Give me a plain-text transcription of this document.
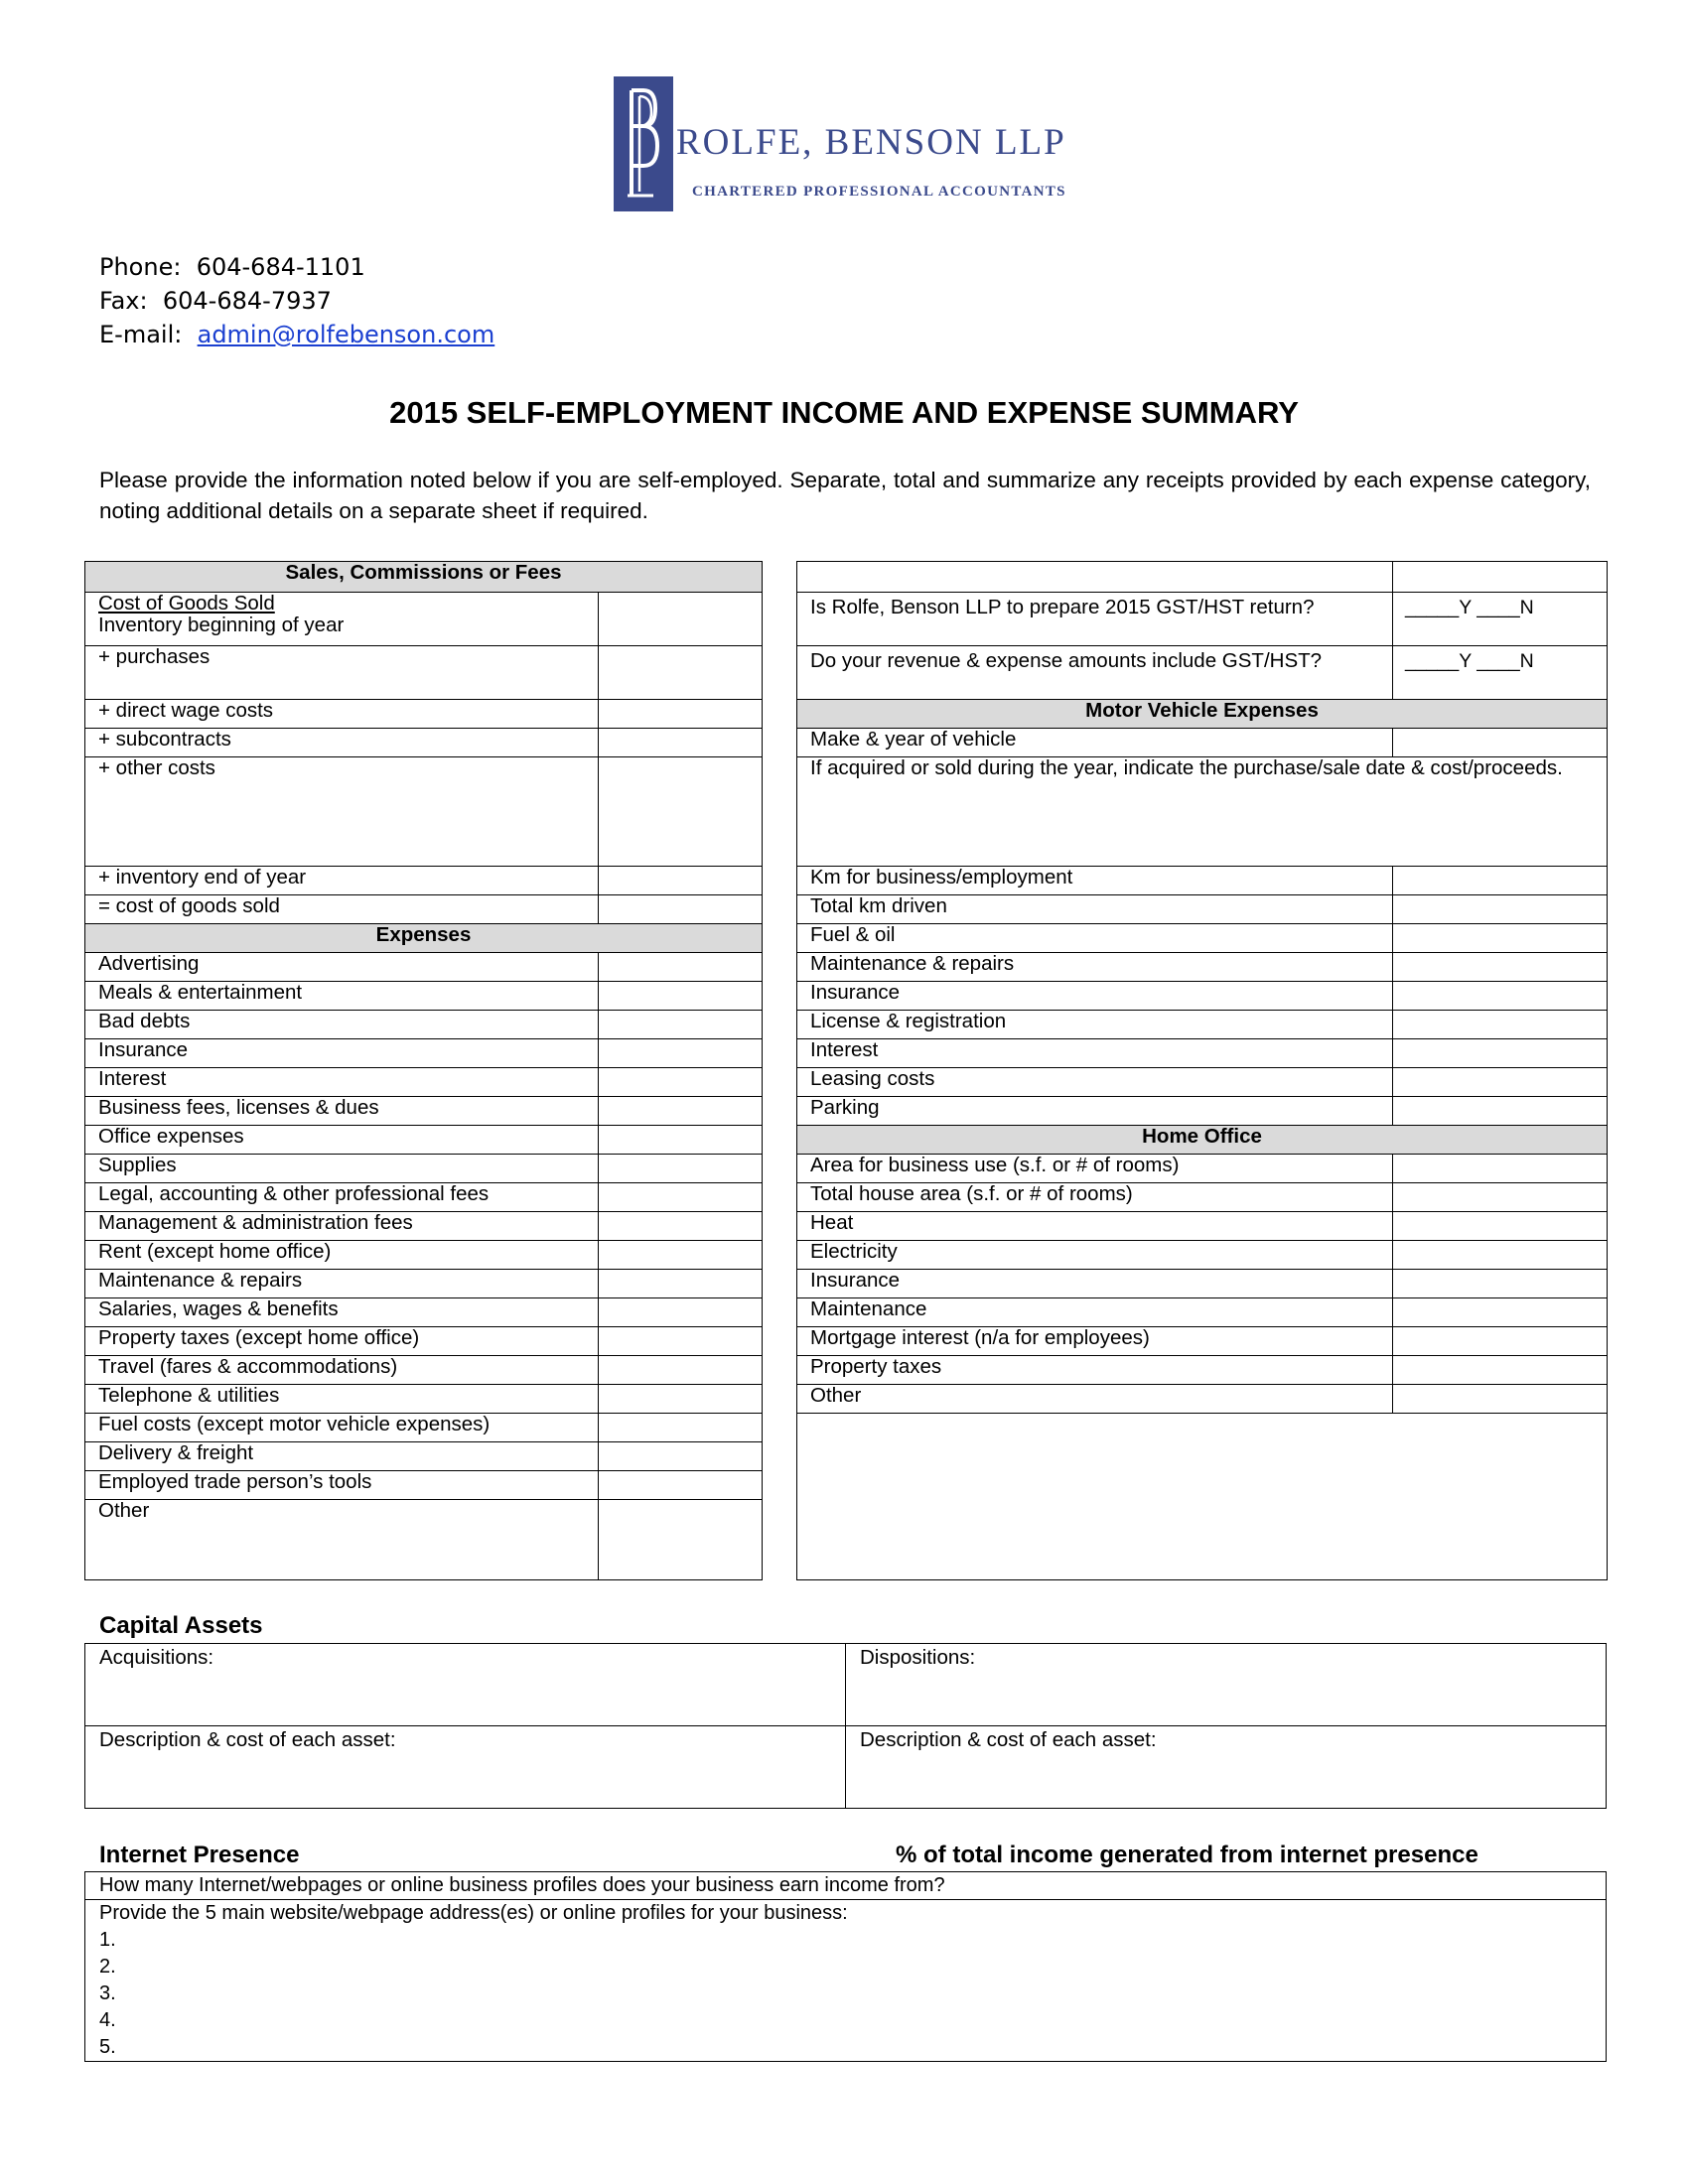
ROLFE, BENSON LLP
CHARTERED PROFESSIONAL ACCOUNTANTS
Phone: 604-684-1101
Fax: 604-684-7937
E-mail: admin@rolfebenson.com
2015 SELF-EMPLOYMENT INCOME AND EXPENSE SUMMARY
Please provide the information noted below if you are self-employed. Separate, total and summarize any receipts provided by each expense category, noting additional details on a separate sheet if required.
Sales, Commissions or Fees	
Cost of Goods Sold
Inventory beginning of year	
+ purchases	
+ direct wage costs	
+ subcontracts	
+ other costs	
+ inventory end of year	
= cost of goods sold	
Expenses	
Advertising	
Meals & entertainment	
Bad debts	
Insurance	
Interest	
Business fees, licenses & dues	
Office expenses	
Supplies	
Legal, accounting & other professional fees	
Management & administration fees	
Rent (except home office)	
Maintenance & repairs	
Salaries, wages & benefits	
Property taxes (except home office)	
Travel (fares & accommodations)	
Telephone & utilities	
Fuel costs (except motor vehicle expenses)	
Delivery & freight	
Employed trade person’s tools	
Other	

Is Rolfe, Benson LLP to prepare 2015 GST/HST return?	_____Y ____N
Do your revenue & expense amounts include GST/HST?	_____Y ____N
Motor Vehicle Expenses	
Make & year of vehicle	
If acquired or sold during the year, indicate the purchase/sale date & cost/proceeds.	
Km for business/employment	
Total km driven	
Fuel & oil	
Maintenance & repairs	
Insurance	
License & registration	
Interest	
Leasing costs	
Parking	
Home Office	
Area for business use (s.f. or # of rooms)	
Total house area (s.f. or # of rooms)	
Heat	
Electricity	
Insurance	
Maintenance	
Mortgage interest (n/a for employees)	
Property taxes	
Other	

Capital Assets
Acquisitions:	Dispositions:
Description & cost of each asset:	Description & cost of each asset:
Internet Presence	% of total income generated from internet presence
How many Internet/webpages or online business profiles does your business earn income from?

Provide the 5 main website/webpage address(es) or online profiles for your business:
1.
2.
3.
4.
5.
